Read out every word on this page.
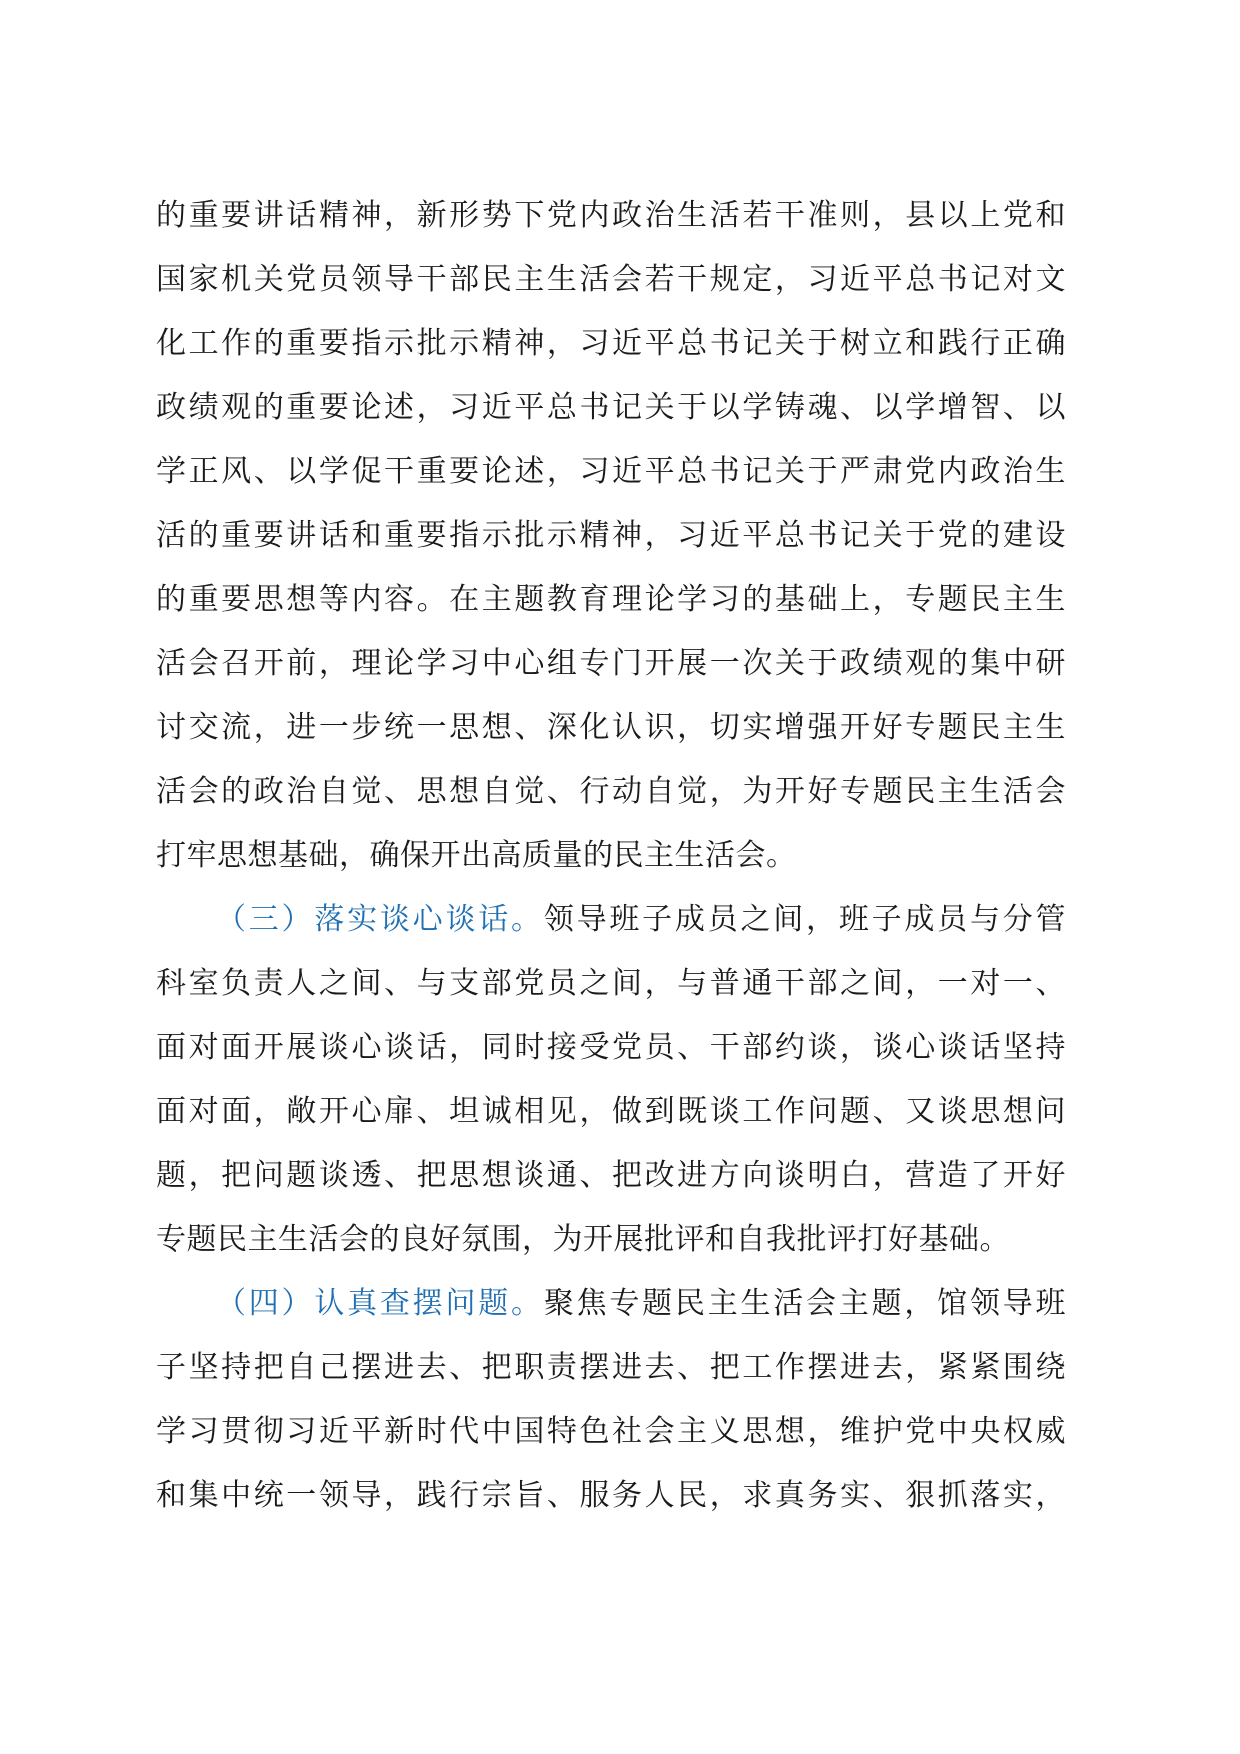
的重要讲话精神，新形势下党内政治生活若干准则，县以上党和
国家机关党员领导干部民主生活会若干规定，习近平总书记对文
化工作的重要指示批示精神，习近平总书记关于树立和践行正确
政绩观的重要论述，习近平总书记关于以学铸魂、以学增智、以
学正风、以学促干重要论述，习近平总书记关于严肃党内政治生
活的重要讲话和重要指示批示精神，习近平总书记关于党的建设
的重要思想等内容。在主题教育理论学习的基础上，专题民主生
活会召开前，理论学习中心组专门开展一次关于政绩观的集中研
讨交流，进一步统一思想、深化认识，切实增强开好专题民主生
活会的政治自觉、思想自觉、行动自觉，为开好专题民主生活会
打牢思想基础，确保开出高质量的民主生活会。
（三）落实谈心谈话。领导班子成员之间，班子成员与分管
科室负责人之间、与支部党员之间，与普通干部之间，一对一、
面对面开展谈心谈话，同时接受党员、干部约谈，谈心谈话坚持
面对面，敞开心扉、坦诚相见，做到既谈工作问题、又谈思想问
题，把问题谈透、把思想谈通、把改进方向谈明白，营造了开好
专题民主生活会的良好氛围，为开展批评和自我批评打好基础。
（四）认真查摆问题。聚焦专题民主生活会主题，馆领导班
子坚持把自己摆进去、把职责摆进去、把工作摆进去，紧紧围绕
学习贯彻习近平新时代中国特色社会主义思想，维护党中央权威
和集中统一领导，践行宗旨、服务人民，求真务实、狠抓落实，
